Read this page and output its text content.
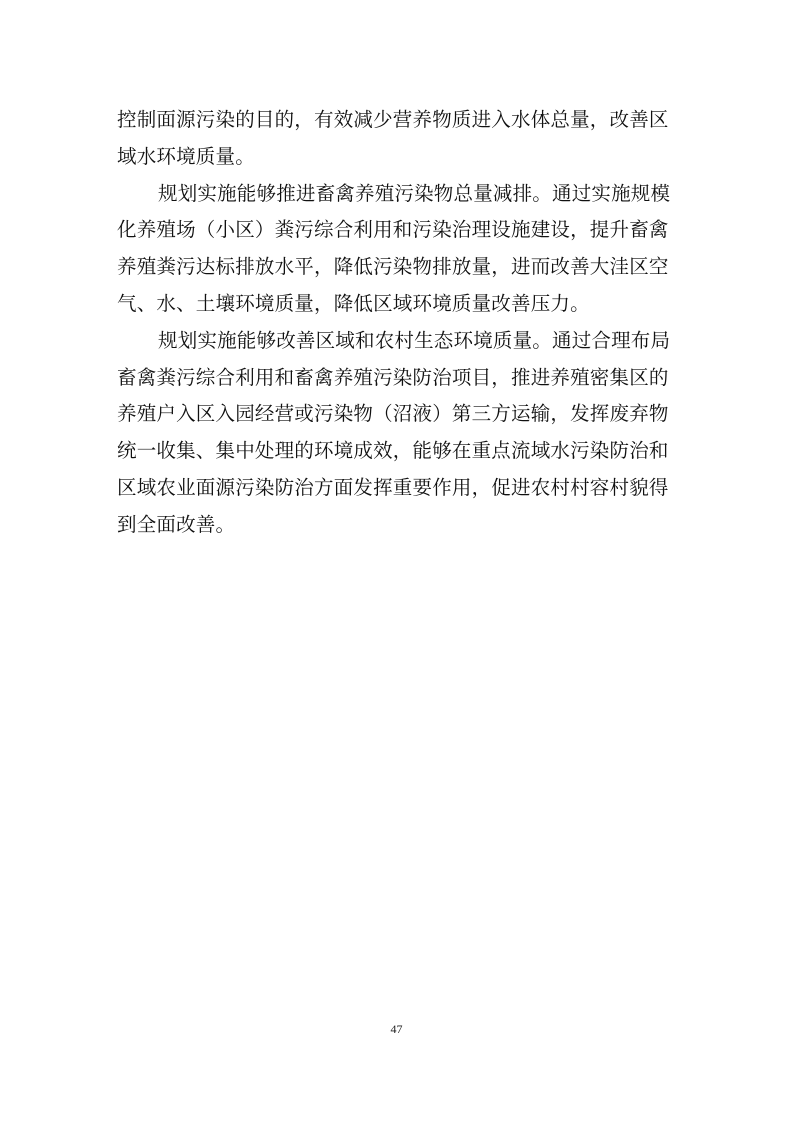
控制面源污染的目的，有效减少营养物质进入水体总量，改善区
域水环境质量。
规划实施能够推进畜禽养殖污染物总量减排。通过实施规模
化养殖场（小区）粪污综合利用和污染治理设施建设，提升畜禽
养殖粪污达标排放水平，降低污染物排放量，进而改善大洼区空
气、水、土壤环境质量，降低区域环境质量改善压力。
规划实施能够改善区域和农村生态环境质量。通过合理布局
畜禽粪污综合利用和畜禽养殖污染防治项目，推进养殖密集区的
养殖户入区入园经营或污染物（沼液）第三方运输，发挥废弃物
统一收集、集中处理的环境成效，能够在重点流域水污染防治和
区域农业面源污染防治方面发挥重要作用，促进农村村容村貌得
到全面改善。
47
